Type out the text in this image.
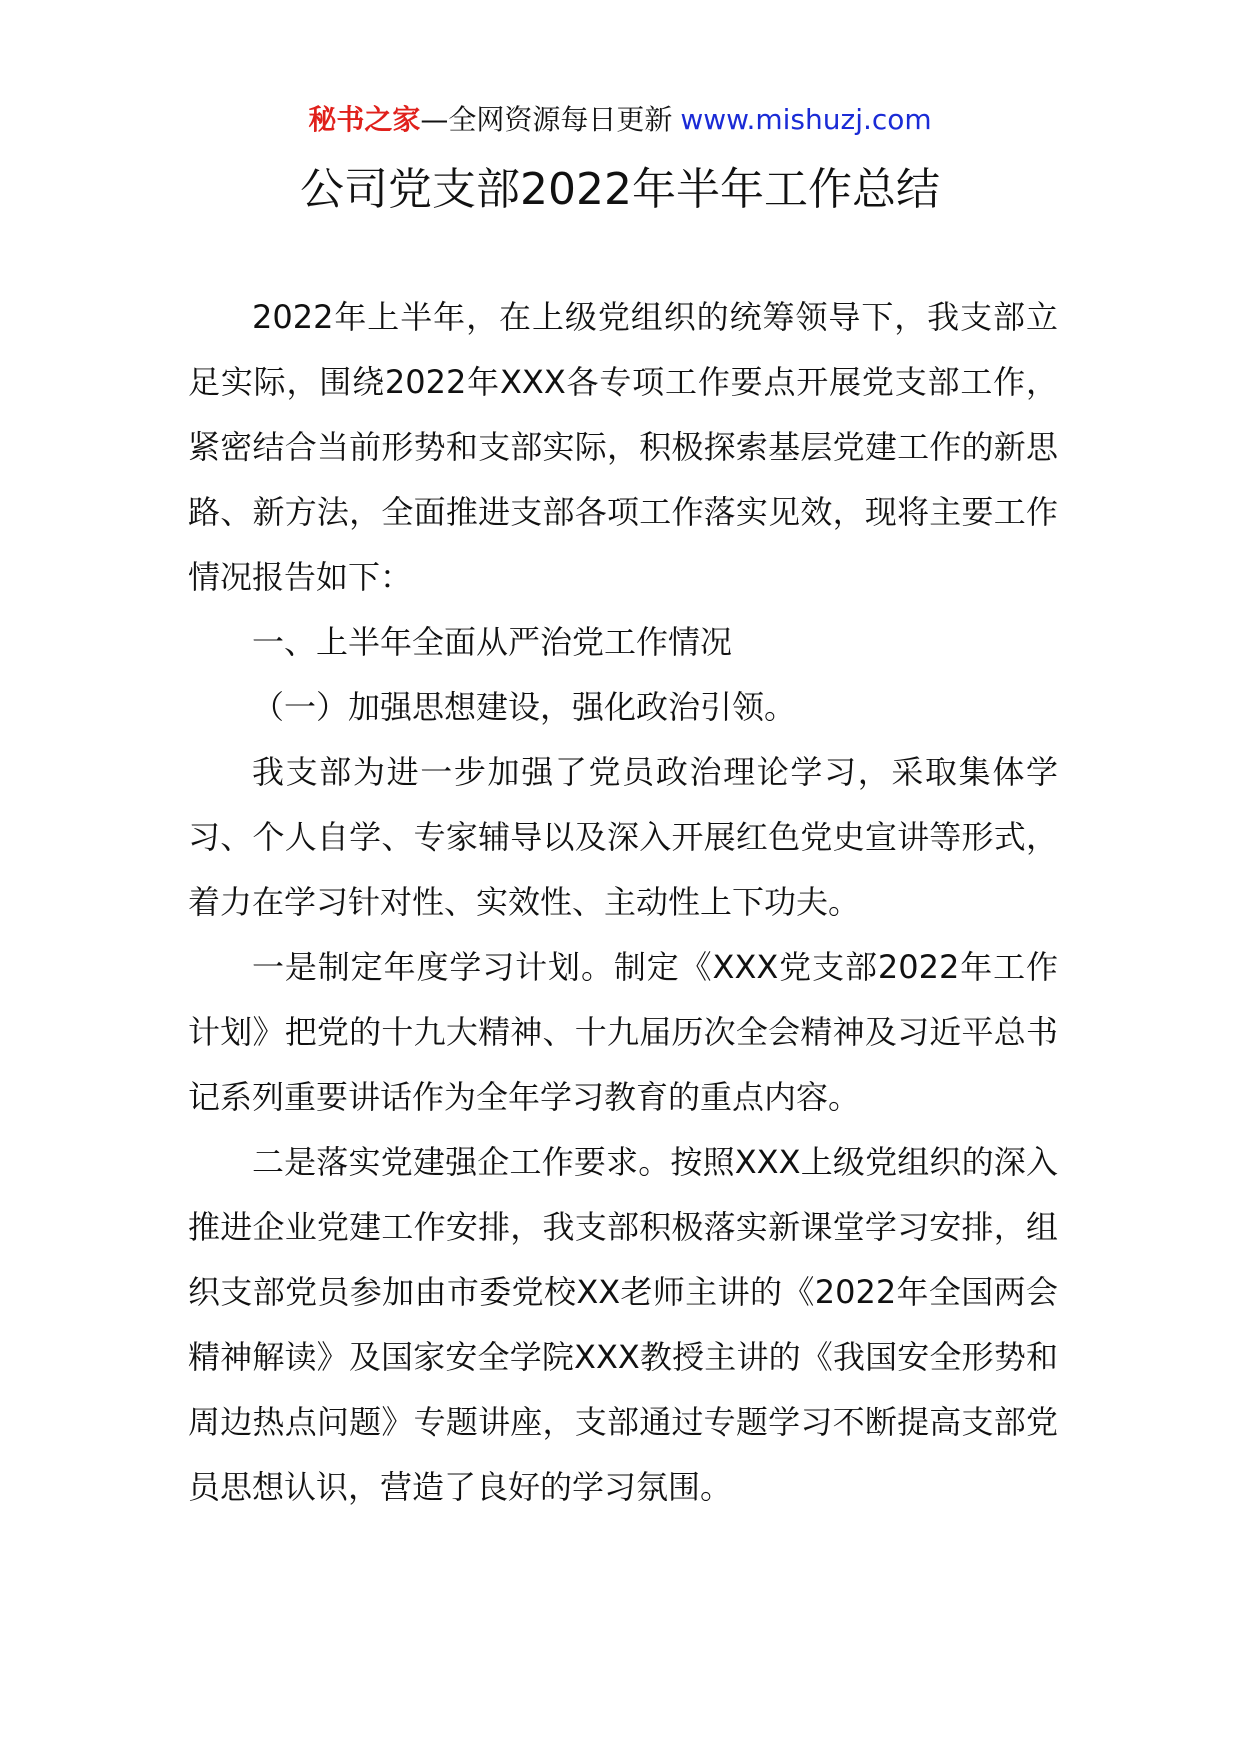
秘书之家—全网资源每日更新 www.mishuzj.com
公司党支部2022年半年工作总结

2022年上半年，在上级党组织的统筹领导下，我支部立足实际，围绕2022年XXX各专项工作要点开展党支部工作，紧密结合当前形势和支部实际，积极探索基层党建工作的新思路、新方法，全面推进支部各项工作落实见效，现将主要工作情况报告如下：

一、上半年全面从严治党工作情况

（一）加强思想建设，强化政治引领。

我支部为进一步加强了党员政治理论学习，采取集体学习、个人自学、专家辅导以及深入开展红色党史宣讲等形式，着力在学习针对性、实效性、主动性上下功夫。

一是制定年度学习计划。制定《XXX党支部2022年工作计划》把党的十九大精神、十九届历次全会精神及习近平总书记系列重要讲话作为全年学习教育的重点内容。

二是落实党建强企工作要求。按照XXX上级党组织的深入推进企业党建工作安排，我支部积极落实新课堂学习安排，组织支部党员参加由市委党校XX老师主讲的《2022年全国两会精神解读》及国家安全学院XXX教授主讲的《我国安全形势和周边热点问题》专题讲座，支部通过专题学习不断提高支部党员思想认识，营造了良好的学习氛围。
